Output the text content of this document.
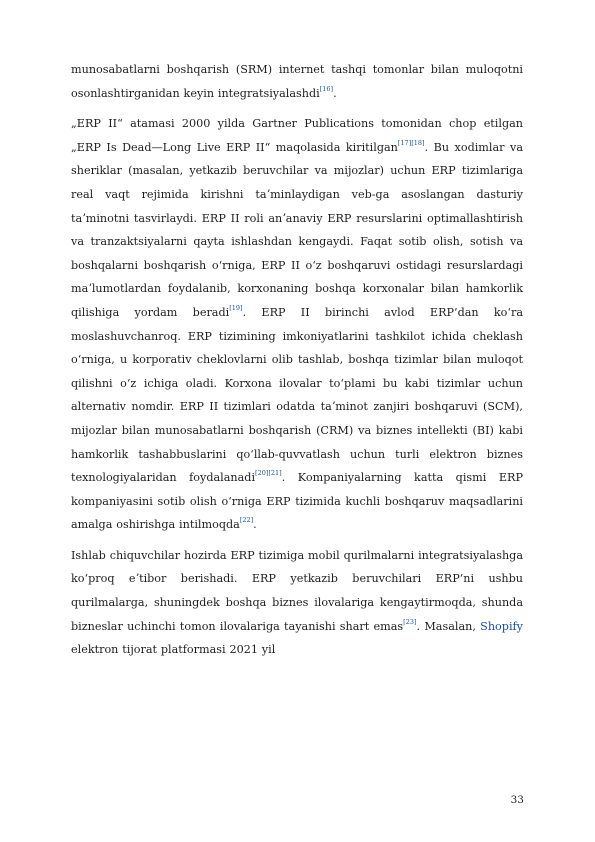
munosabatlarni boshqarish (SRM) internet tashqi tomonlar bilan muloqotni osonlashtirganidan keyin integratsiyalashdi[16].

„ERP II“ atamasi 2000 yilda Gartner Publications tomonidan chop etilgan „ERP Is Dead—Long Live ERP II“ maqolasida kiritilgan[17][18]. Bu xodimlar va sheriklar (masalan, yetkazib beruvchilar va mijozlar) uchun ERP tizimlariga real vaqt rejimida kirishni taʼminlaydigan veb-ga asoslangan dasturiy taʼminotni tasvirlaydi. ERP II roli anʼanaviy ERP resurslarini optimallashtirish va tranzaktsiyalarni qayta ishlashdan kengaydi. Faqat sotib olish, sotish va boshqalarni boshqarish oʻrniga, ERP II oʻz boshqaruvi ostidagi resurslardagi maʼlumotlardan foydalanib, korxonaning boshqa korxonalar bilan hamkorlik qilishiga yordam beradi[19]. ERP II birinchi avlod ERP’dan koʻra moslashuvchanroq. ERP tizimining imkoniyatlarini tashkilot ichida cheklash oʻrniga, u korporativ cheklovlarni olib tashlab, boshqa tizimlar bilan muloqot qilishni oʻz ichiga oladi. Korxona ilovalar toʻplami bu kabi tizimlar uchun alternativ nomdir. ERP II tizimlari odatda taʼminot zanjiri boshqaruvi (SCM), mijozlar bilan munosabatlarni boshqarish (CRM) va biznes intellekti (BI) kabi hamkorlik tashabbuslarini qoʻllab-quvvatlash uchun turli elektron biznes texnologiyalaridan foydalanadi[20][21]. Kompaniyalarning katta qismi ERP kompaniyasini sotib olish oʻrniga ERP tizimida kuchli boshqaruv maqsadlarini amalga oshirishga intilmoqda[22].

Ishlab chiquvchilar hozirda ERP tizimiga mobil qurilmalarni integratsiyalashga koʻproq eʼtibor berishadi. ERP yetkazib beruvchilari ERP’ni ushbu qurilmalarga, shuningdek boshqa biznes ilovalariga kengaytirmoqda, shunda bizneslar uchinchi tomon ilovalariga tayanishi shart emas[23]. Masalan, Shopify elektron tijorat platformasi 2021 yil

33
